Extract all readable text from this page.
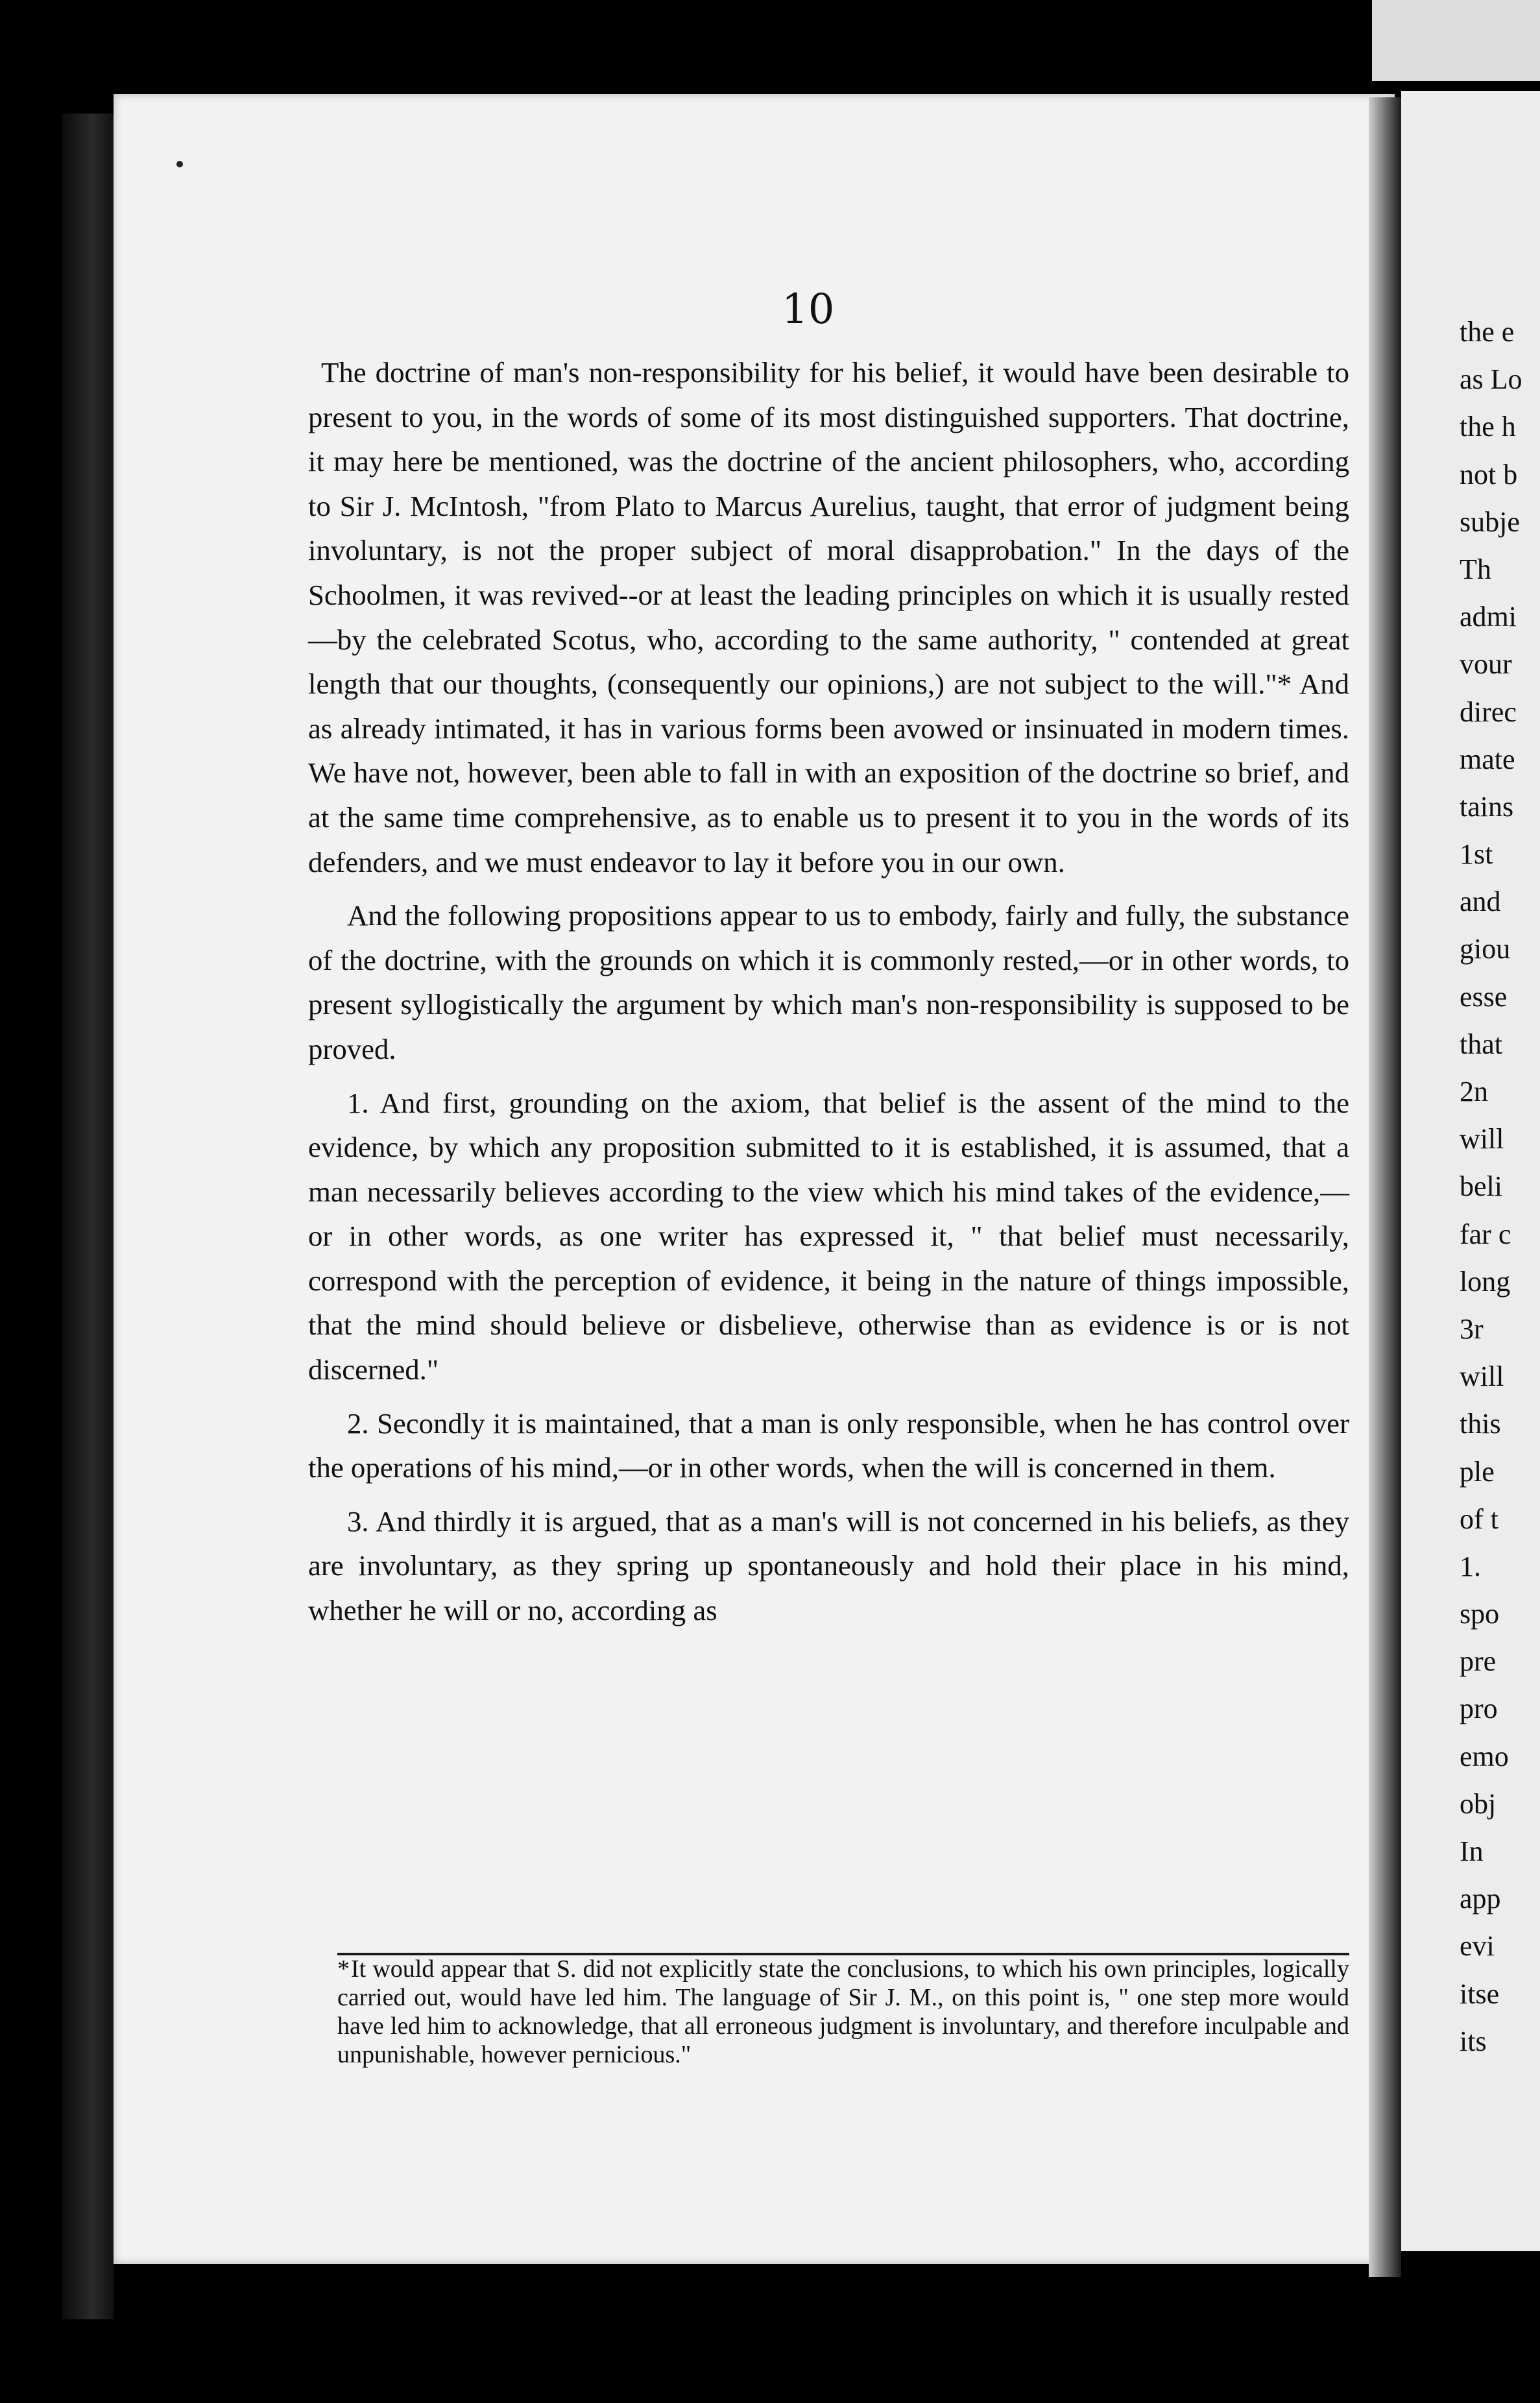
10

The doctrine of man's non-responsibility for his belief, it would have been desirable to present to you, in the words of some of its most distinguished supporters. That doctrine, it may here be mentioned, was the doctrine of the ancient philosophers, who, according to Sir J. McIntosh, "from Plato to Marcus Aurelius, taught, that error of judgment being involuntary, is not the proper subject of moral disapprobation." In the days of the Schoolmen, it was revived--or at least the leading principles on which it is usually rested—by the celebrated Scotus, who, according to the same authority, " contended at great length that our thoughts, (consequently our opinions,) are not subject to the will."* And as already intimated, it has in various forms been avowed or insinuated in modern times. We have not, however, been able to fall in with an exposition of the doctrine so brief, and at the same time comprehensive, as to enable us to present it to you in the words of its defenders, and we must endeavor to lay it before you in our own.

And the following propositions appear to us to embody, fairly and fully, the substance of the doctrine, with the grounds on which it is commonly rested,—or in other words, to present syllogistically the argument by which man's non-responsibility is supposed to be proved.

1. And first, grounding on the axiom, that belief is the assent of the mind to the evidence, by which any proposition submitted to it is established, it is assumed, that a man necessarily believes according to the view which his mind takes of the evidence,—or in other words, as one writer has expressed it, " that belief must necessarily, correspond with the perception of evidence, it being in the nature of things impossible, that the mind should believe or disbelieve, otherwise than as evidence is or is not discerned."

2. Secondly it is maintained, that a man is only responsible, when he has control over the operations of his mind,—or in other words, when the will is concerned in them.

3. And thirdly it is argued, that as a man's will is not concerned in his beliefs, as they are involuntary, as they spring up spontaneously and hold their place in his mind, whether he will or no, according as

*It would appear that S. did not explicitly state the conclusions, to which his own principles, logically carried out, would have led him. The language of Sir J. M., on this point is, " one step more would have led him to acknowledge, that all erroneous judgment is involuntary, and therefore inculpable and unpunishable, however pernicious."

the e
as Lo
the h
not b
subje
Th
admi
vour
direc
mate
tains
1st
and
giou
esse
that
2n
will
beli
far c
long
3r
will
this
ple
of t
1.
spo
pre
pro
emo
obj
In
app
evi
itse
its
